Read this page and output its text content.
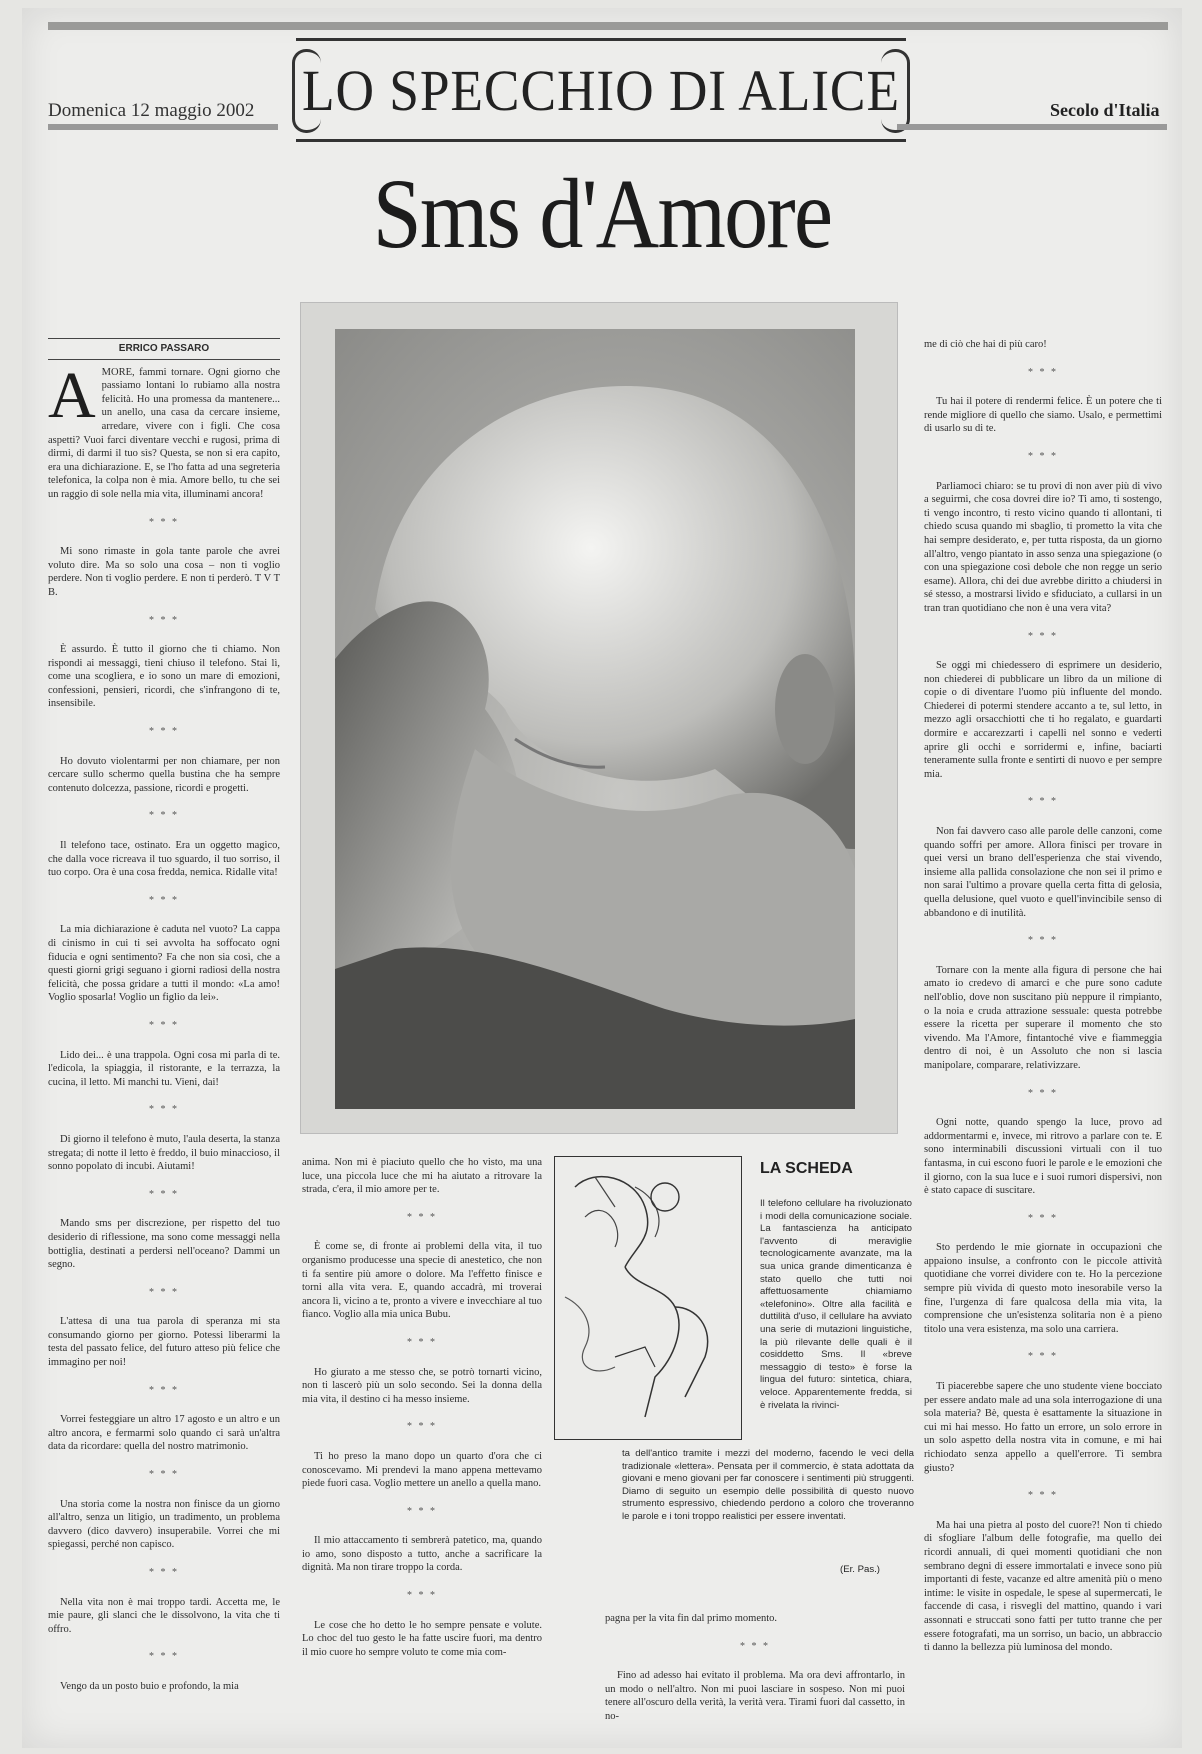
Domenica 12 maggio 2002 LO SPECCHIO DI ALICE	Secolo d'Italia
Sms d'Amore
ERRICO PASSARO

AMORE, fammi tornare. Ogni giorno che passiamo lontani lo rubiamo alla nostra felicità. Ho una promessa da mantenere... un anello, una casa da cercare insieme, arredare, vivere con i figli. Che cosa aspetti? Vuoi farci diventare vecchi e rugosi, prima di dirmi, di darmi il tuo sìs? Questa, se non si era capito, era una dichiarazione. E, se l'ho fatta ad una segreteria telefonica, la colpa non è mia. Amore bello, tu che sei un raggio di sole nella mia vita, illuminami ancora!

* * *

Mi sono rimaste in gola tante parole che avrei voluto dire. Ma so solo una cosa – non ti voglio perdere. Non ti voglio perdere. E non ti perderò. T V T B.

* * *

È assurdo. È tutto il giorno che ti chiamo. Non rispondi ai messaggi, tieni chiuso il telefono. Stai lì, come una scogliera, e io sono un mare di emozioni, confessioni, pensieri, ricordi, che s'infrangono di te, insensibile.

* * *

Ho dovuto violentarmi per non chiamare, per non cercare sullo schermo quella bustina che ha sempre contenuto dolcezza, passione, ricordi e progetti.

* * *

Il telefono tace, ostinato. Era un oggetto magico, che dalla voce ricreava il tuo sguardo, il tuo sorriso, il tuo corpo. Ora è una cosa fredda, nemica. Ridalle vita!

* * *

La mia dichiarazione è caduta nel vuoto? La cappa di cinismo in cui ti sei avvolta ha soffocato ogni fiducia e ogni sentimento? Fa che non sia così, che a questi giorni grigi seguano i giorni radiosi della nostra felicità, che possa gridare a tutti il mondo: «La amo! Voglio sposarla! Voglio un figlio da lei».

* * *

Lido dei... è una trappola. Ogni cosa mi parla di te. l'edicola, la spiaggia, il ristorante, e la terrazza, la cucina, il letto. Mi manchi tu. Vieni, dai!

* * *

Di giorno il telefono è muto, l'aula deserta, la stanza stregata; di notte il letto è freddo, il buio minaccioso, il sonno popolato di incubi. Aiutami!

* * *

Mando sms per discrezione, per rispetto del tuo desiderio di riflessione, ma sono come messaggi nella bottiglia, destinati a perdersi nell'oceano? Dammi un segno.

* * *

L'attesa di una tua parola di speranza mi sta consumando giorno per giorno. Potessi liberarmi la testa del passato felice, del futuro atteso più felice che immagino per noi!

* * *

Vorrei festeggiare un altro 17 agosto e un altro e un altro ancora, e fermarmi solo quando ci sarà un'altra data da ricordare: quella del nostro matrimonio.

* * *

Una storia come la nostra non finisce da un giorno all'altro, senza un litigio, un tradimento, un problema davvero (dico davvero) insuperabile. Vorrei che mi spiegassi, perché non capisco.

* * *

Nella vita non è mai troppo tardi. Accetta me, le mie paure, gli slanci che le dissolvono, la vita che ti offro.

* * *

Vengo da un posto buio e profondo, la mia

anima. Non mi è piaciuto quello che ho visto, ma una luce, una piccola luce che mi ha aiutato a ritrovare la strada, c'era, il mio amore per te.

* * *

È come se, di fronte ai problemi della vita, il tuo organismo producesse una specie di anestetico, che non ti fa sentire più amore o dolore. Ma l'effetto finisce e torni alla vita vera. E, quando accadrà, mi troverai ancora lì, vicino a te, pronto a vivere e invecchiare al tuo fianco. Voglio alla mia unica Bubu.

* * *

Ho giurato a me stesso che, se potrò tornarti vicino, non ti lascerò più un solo secondo. Sei la donna della mia vita, il destino ci ha messo insieme.

* * *

Ti ho preso la mano dopo un quarto d'ora che ci conoscevamo. Mi prendevi la mano appena mettevamo piede fuori casa. Voglio mettere un anello a quella mano.

* * *

Il mio attaccamento ti sembrerà patetico, ma, quando io amo, sono disposto a tutto, anche a sacrificare la dignità. Ma non tirare troppo la corda.

* * *

Le cose che ho detto le ho sempre pensate e volute. Lo choc del tuo gesto le ha fatte uscire fuori, ma dentro il mio cuore ho sempre voluto te come mia com-

LA SCHEDA
Il telefono cellulare ha rivoluzionato i modi della comunicazione sociale. La fantascienza ha anticipato l'avvento di meraviglie tecnologicamente avanzate, ma la sua unica grande dimenticanza è stato quello che tutti noi affettuosamente chiamiamo «telefonino». Oltre alla facilità e duttilità d'uso, il cellulare ha avviato una serie di mutazioni linguistiche, la più rilevante delle quali è il cosiddetto Sms. Il «breve messaggio di testo» è forse la lingua del futuro: sintetica, chiara, veloce. Apparentemente fredda, si è rivelata la rivinci-
ta dell'antico tramite i mezzi del moderno, facendo le veci della tradizionale «lettera». Pensata per il commercio, è stata adottata da giovani e meno giovani per far conoscere i sentimenti più struggenti. Diamo di seguito un esempio delle possibilità di questo nuovo strumento espressivo, chiedendo perdono a coloro che troveranno le parole e i toni troppo realistici per essere inventati.
(Er. Pas.)

pagna per la vita fin dal primo momento.

* * *

Fino ad adesso hai evitato il problema. Ma ora devi affrontarlo, in un modo o nell'altro. Non mi puoi lasciare in sospeso. Non mi puoi tenere all'oscuro della verità, la verità vera. Tirami fuori dal cassetto, in no-

me di ciò che hai di più caro!

* * *

Tu hai il potere di rendermi felice. È un potere che ti rende migliore di quello che siamo. Usalo, e permettimi di usarlo su di te.

* * *

Parliamoci chiaro: se tu provi di non aver più di vivo a seguirmi, che cosa dovrei dire io? Ti amo, ti sostengo, ti vengo incontro, ti resto vicino quando ti allontani, ti chiedo scusa quando mi sbaglio, ti prometto la vita che hai sempre desiderato, e, per tutta risposta, da un giorno all'altro, vengo piantato in asso senza una spiegazione (o con una spiegazione così debole che non regge un serio esame). Allora, chi dei due avrebbe diritto a chiudersi in sé stesso, a mostrarsi livido e sfiduciato, a cullarsi in un tran tran quotidiano che non è una vera vita?

* * *

Se oggi mi chiedessero di esprimere un desiderio, non chiederei di pubblicare un libro da un milione di copie o di diventare l'uomo più influente del mondo. Chiederei di potermi stendere accanto a te, sul letto, in mezzo agli orsacchiotti che ti ho regalato, e guardarti dormire e accarezzarti i capelli nel sonno e vederti aprire gli occhi e sorridermi e, infine, baciarti teneramente sulla fronte e sentirti di nuovo e per sempre mia.

* * *

Non fai davvero caso alle parole delle canzoni, come quando soffri per amore. Allora finisci per trovare in quei versi un brano dell'esperienza che stai vivendo, insieme alla pallida consolazione che non sei il primo e non sarai l'ultimo a provare quella certa fitta di gelosia, quella delusione, quel vuoto e quell'invincibile senso di abbandono e di inutilità.

* * *

Tornare con la mente alla figura di persone che hai amato io credevo di amarci e che pure sono cadute nell'oblio, dove non suscitano più neppure il rimpianto, o la noia e cruda attrazione sessuale: questa potrebbe essere la ricetta per superare il momento che sto vivendo. Ma l'Amore, fintantoché vive e fiammeggia dentro di noi, è un Assoluto che non si lascia manipolare, comparare, relativizzare.

* * *

Ogni notte, quando spengo la luce, provo ad addormentarmi e, invece, mi ritrovo a parlare con te. E sono interminabili discussioni virtuali con il tuo fantasma, in cui escono fuori le parole e le emozioni che il giorno, con la sua luce e i suoi rumori dispersivi, non è stato capace di suscitare.

* * *

Sto perdendo le mie giornate in occupazioni che appaiono insulse, a confronto con le piccole attività quotidiane che vorrei dividere con te. Ho la percezione sempre più vivida di questo moto inesorabile verso la fine, l'urgenza di fare qualcosa della mia vita, la comprensione che un'esistenza solitaria non è a pieno titolo una vera esistenza, ma solo una carriera.

* * *

Ti piacerebbe sapere che uno studente viene bocciato per essere andato male ad una sola interrogazione di una sola materia? Bè, questa è esattamente la situazione in cui mi hai messo. Ho fatto un errore, un solo errore in un solo aspetto della nostra vita in comune, e mi hai richiodato senza appello a quell'errore. Ti sembra giusto?

* * *

Ma hai una pietra al posto del cuore?! Non ti chiedo di sfogliare l'album delle fotografie, ma quello dei ricordi annuali, di quei momenti quotidiani che non sembrano degni di essere immortalati e invece sono più importanti di feste, vacanze ed altre amenità più o meno intime: le visite in ospedale, le spese al supermercati, le faccende di casa, i risvegli del mattino, quando i vari assonnati e struccati sono fatti per tutto tranne che per essere fotografati, ma un sorriso, un bacio, un abbraccio ti danno la bellezza più luminosa del mondo.
